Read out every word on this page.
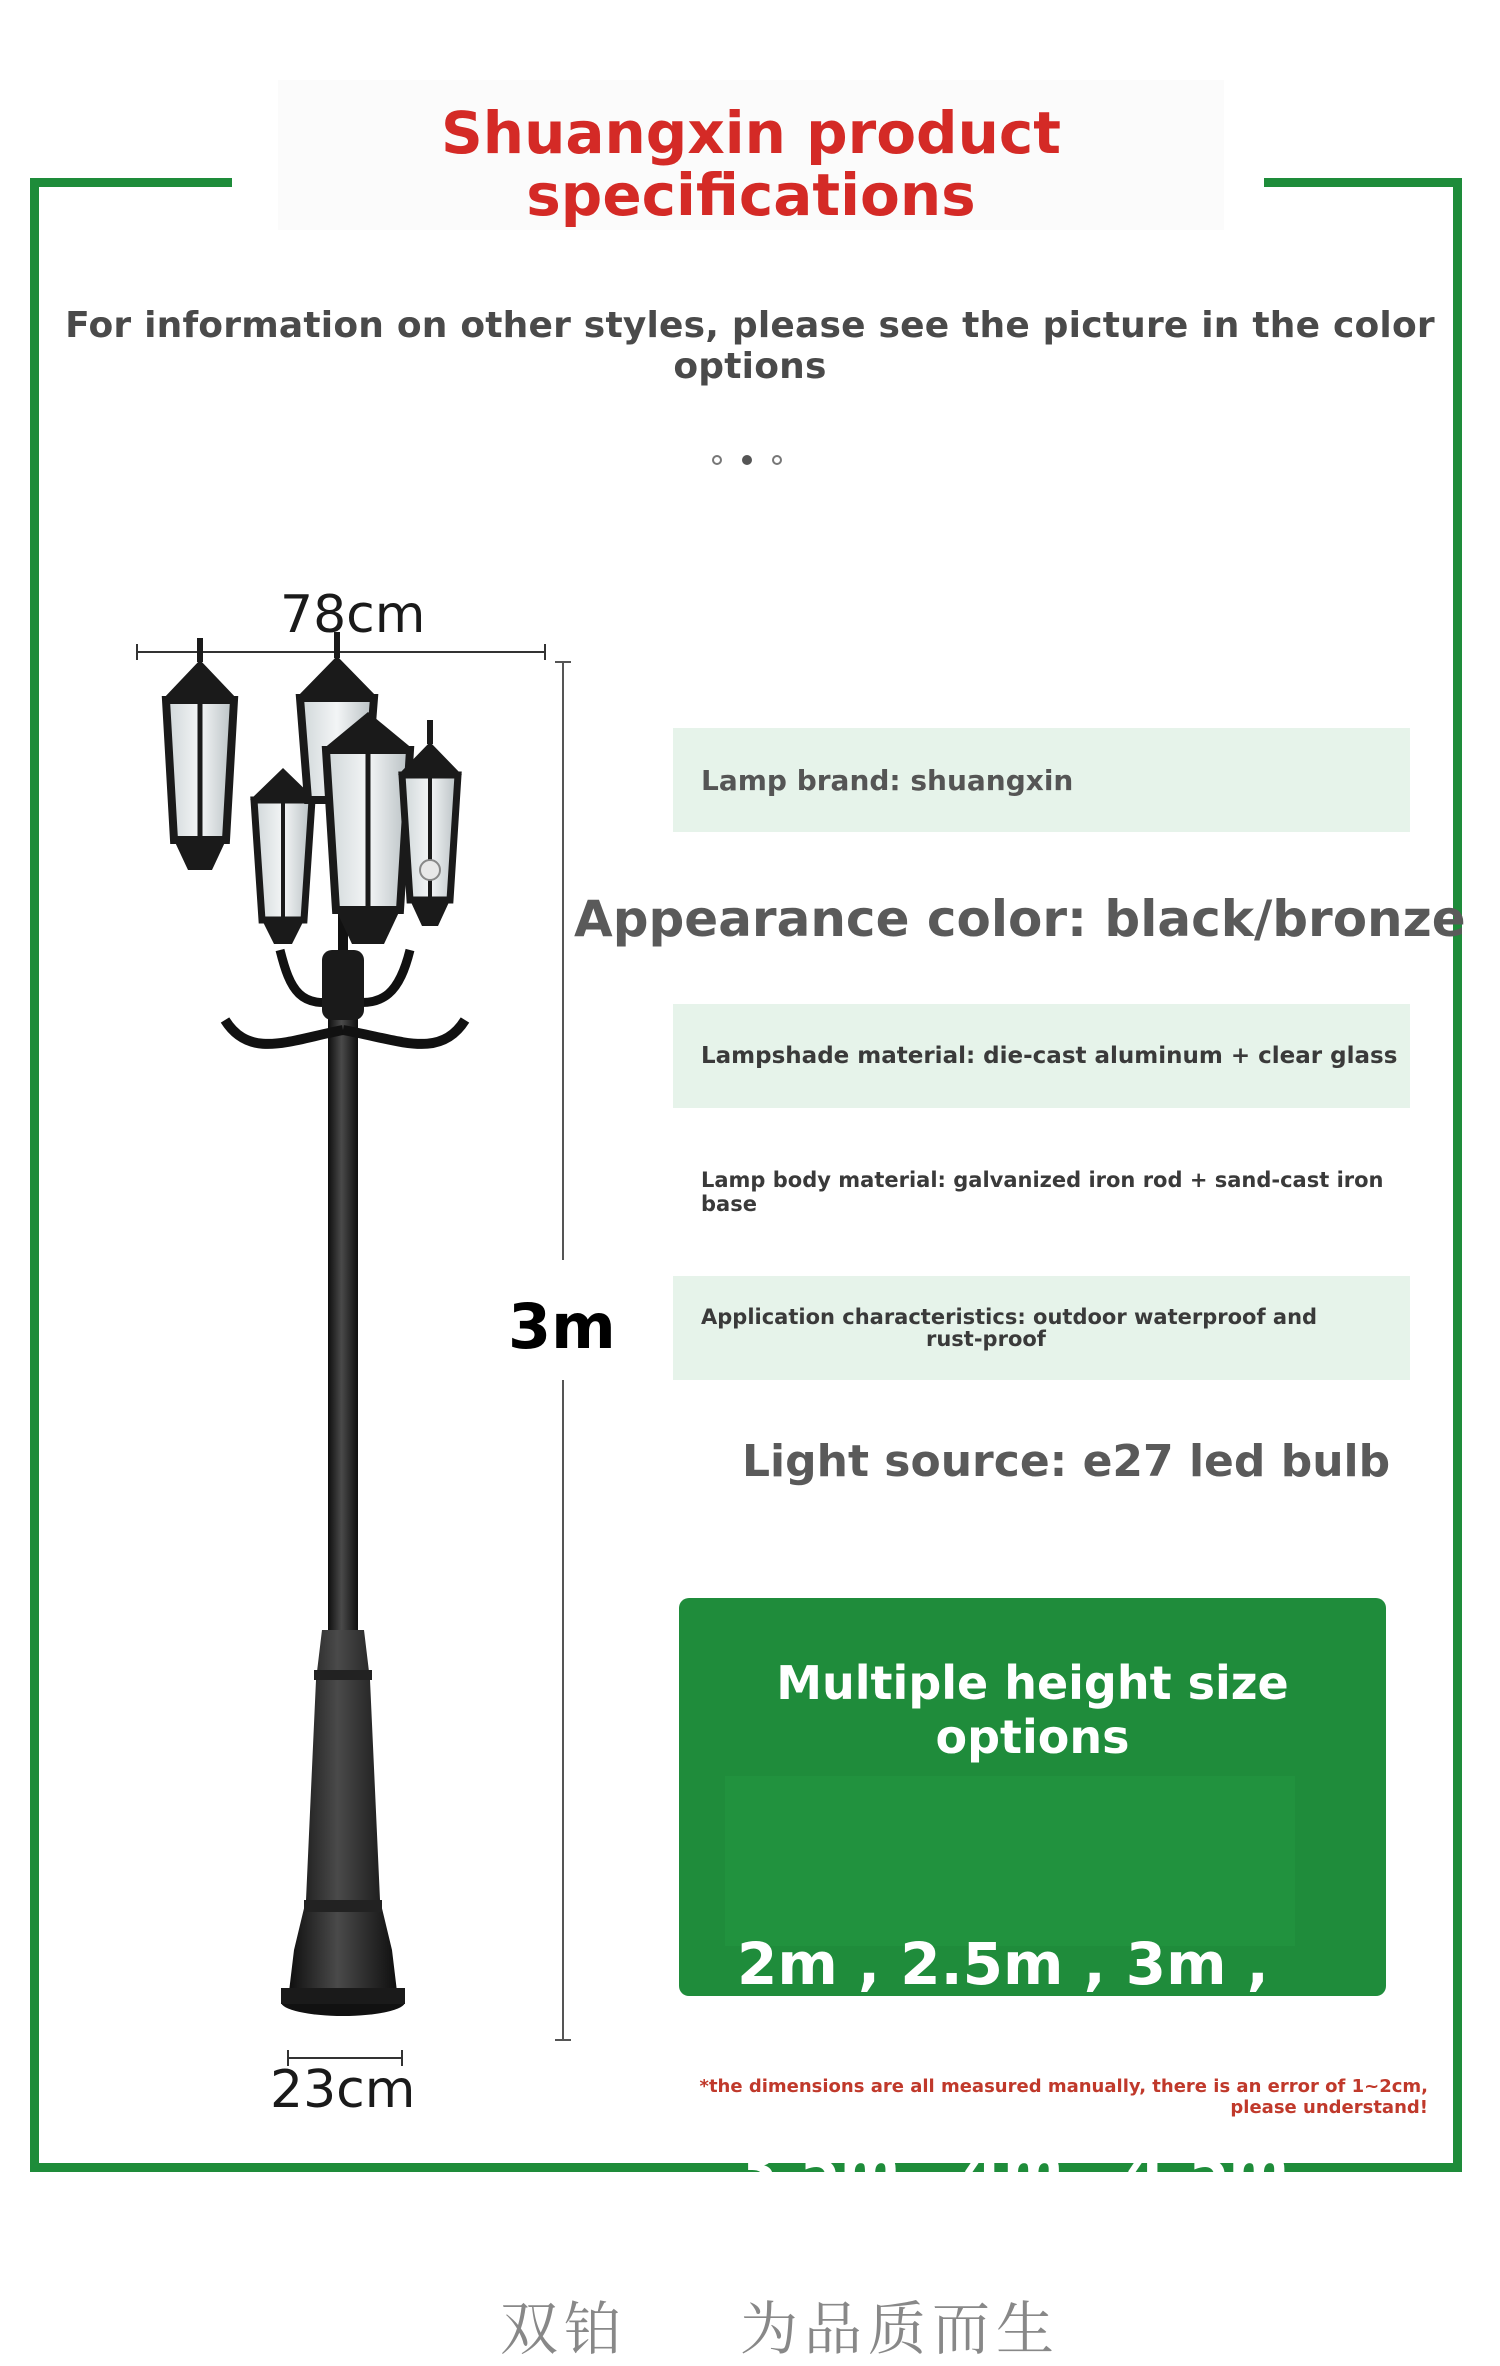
Shuangxin product
specifications
For information on other styles, please see the picture in the color options
78cm
3m
23cm
Lamp brand: shuangxin
Appearance color: black/bronze
Lampshade material: die-cast aluminum + clear glass
Lamp body material: galvanized iron rod + sand-cast iron base
Application characteristics: outdoor waterproof and
rust-proof
Light source: e27 led bulb
Multiple height size options

2m , 2.5m , 3m ,

3.5m , 4m , 4.5m ,

*the dimensions are all measured manually, there is an error of 1~2cm, please understand!
双铂 为品质而生
